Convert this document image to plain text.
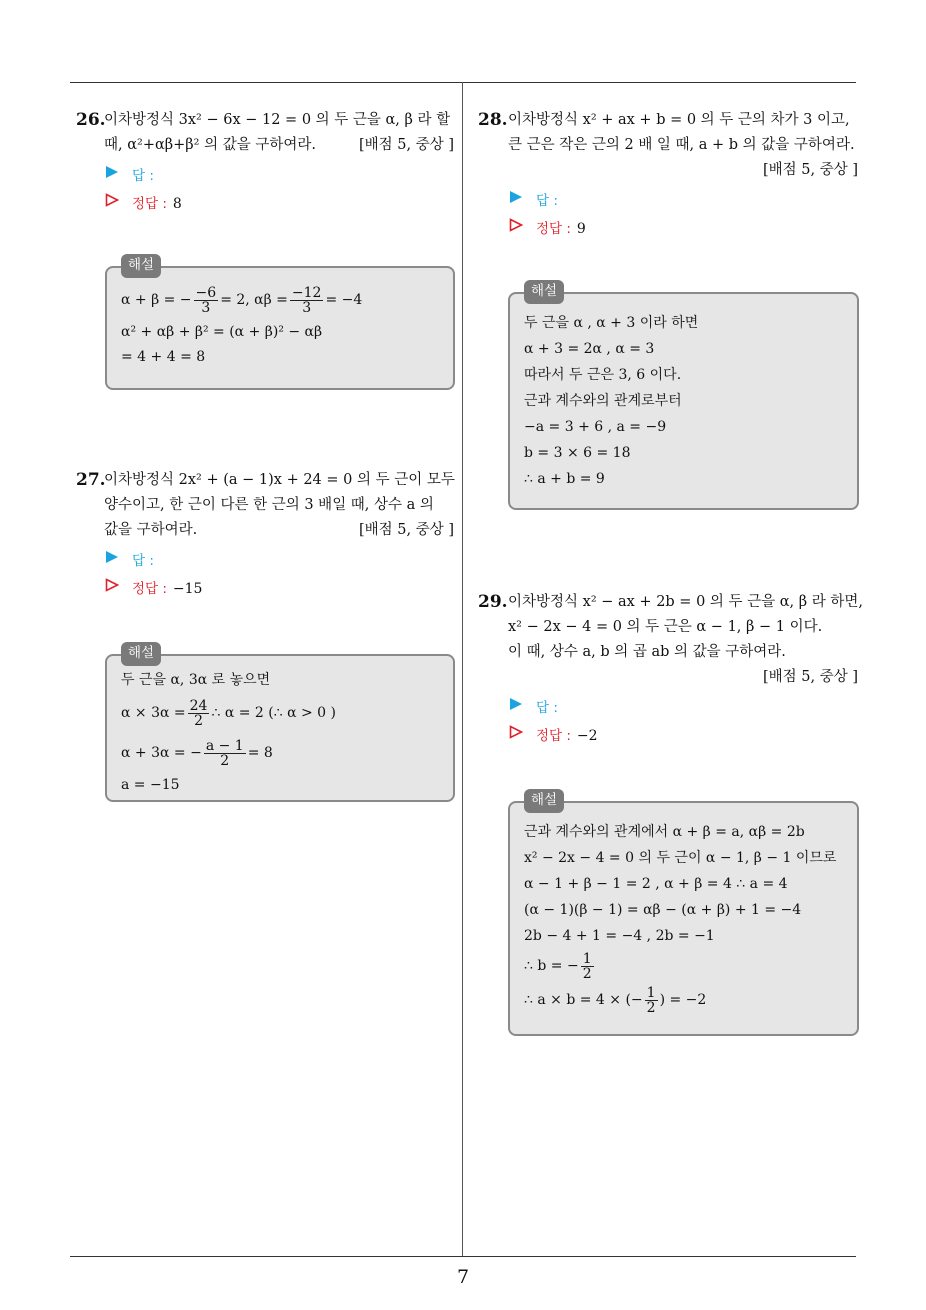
7
26.
이차방정식 3x² − 6x − 12 = 0 의 두 근을 α, β 라 할
때, α²+αβ+β² 의 값을 구하여라.	[배점 5, 중상 ]
답 :
정답 : 8
해설
α + β = − $\frac{-6}{3} = 2$, $\alpha\beta = \frac{-12}{3} = -4$
α² + αβ + β² = (α + β)² − αβ
= 4 + 4 = 8
27.
이차방정식 2x² + (a − 1)x + 24 = 0 의 두 근이 모두
양수이고, 한 근이 다른 한 근의 3 배일 때, 상수 a 의
값을 구하여라.	[배점 5, 중상 ]
답 :
정답 : −15
해설
두 근을 α, 3α 로 놓으면
$\alpha \times 3\alpha = \frac{24}{2}$ ∴ α = 2 (∴ α > 0 )
α + 3α = − $\frac{a - 1}{2} = 8$
a = −15
28. 이차방정식 x² + ax + b = 0 의 두 근의 차가 3 이고,
큰 근은 작은 근의 2 배 일 때, a + b 의 값을 구하여라.
[배점 5, 중상 ]
답 :
정답 : 9
해설
두 근을 α , α + 3 이라 하면
α + 3 = 2α , α = 3
따라서 두 근은 3, 6 이다.
근과 계수와의 관계로부터
−a = 3 + 6 , a = −9
b = 3 × 6 = 18
∴ a + b = 9
29. 이차방정식 x² − ax + 2b = 0 의 두 근을 α, β 라 하면,
x² − 2x − 4 = 0 의 두 근은 α − 1, β − 1 이다.
이 때, 상수 a, b 의 곱 ab 의 값을 구하여라.
[배점 5, 중상 ]
답 :
정답 : −2
해설
근과 계수와의 관계에서 α + β = a, αβ = 2b
x² − 2x − 4 = 0 의 두 근이 α − 1, β − 1 이므로
α − 1 + β − 1 = 2 , α + β = 4 ∴ a = 4
(α − 1)(β − 1) = αβ − (α + β) + 1 = −4
2b − 4 + 1 = −4 , 2b = −1
∴ b = − $\frac{1}{2}$
∴ a × b = 4 × (− $\frac{1}{2}$ ) = −2
